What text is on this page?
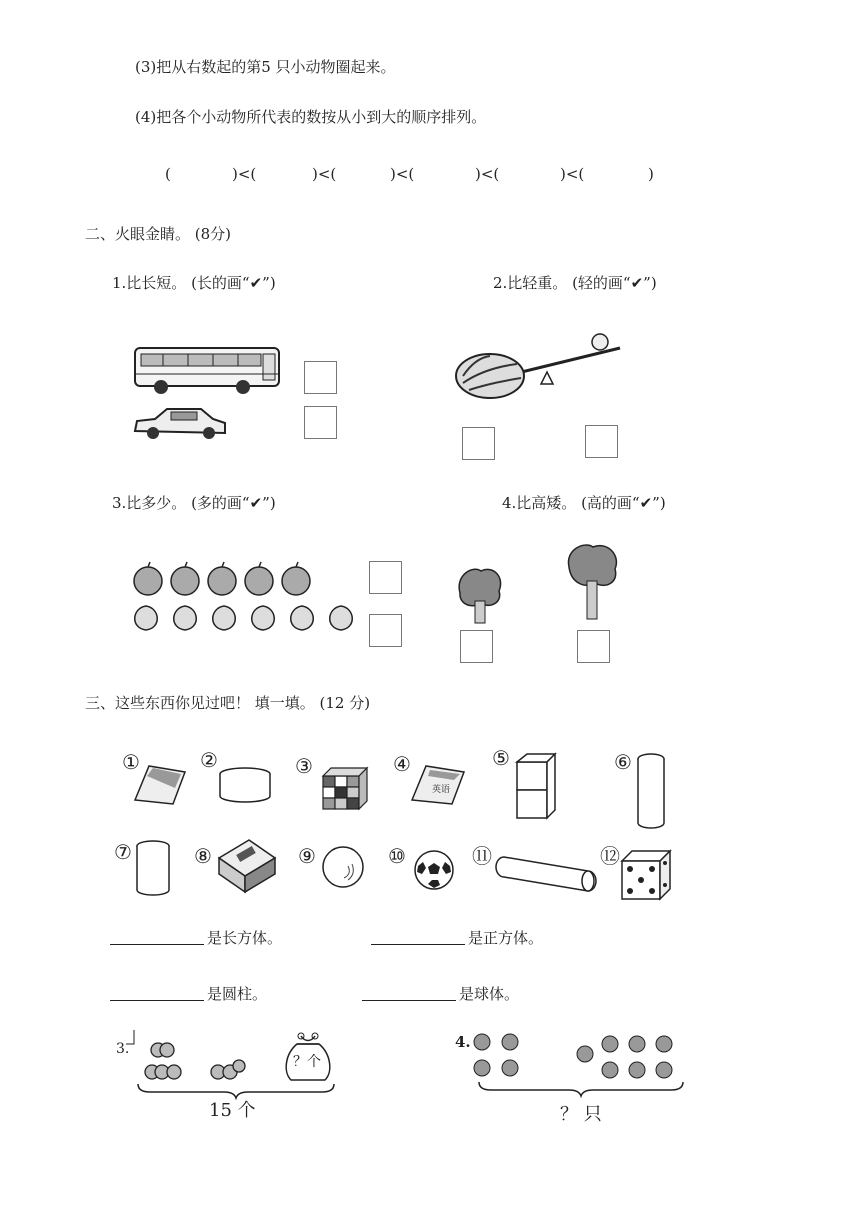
(3)把从右数起的第5 只小动物圈起来。
(4)把各个小动物所代表的数按从小到大的顺序排列。
(	)<(	)<(	)<(	)<(	)<(	)
二、火眼金睛。 (8分)
1.比长短。 (长的画“✔”)	2.比轻重。 (轻的画“✔”)
3.比多少。 (多的画“✔”)	4.比高矮。 (高的画“✔”)
三、这些东西你见过吧！ 填一填。 (12 分)
①	②	③	④
英语
⑤	⑥
⑦	⑧	⑨	⑩	⑪	⑫
是长方体。	是正方体。
是圆柱。	是球体。
3.
？个
15 个
4.
？ 只
